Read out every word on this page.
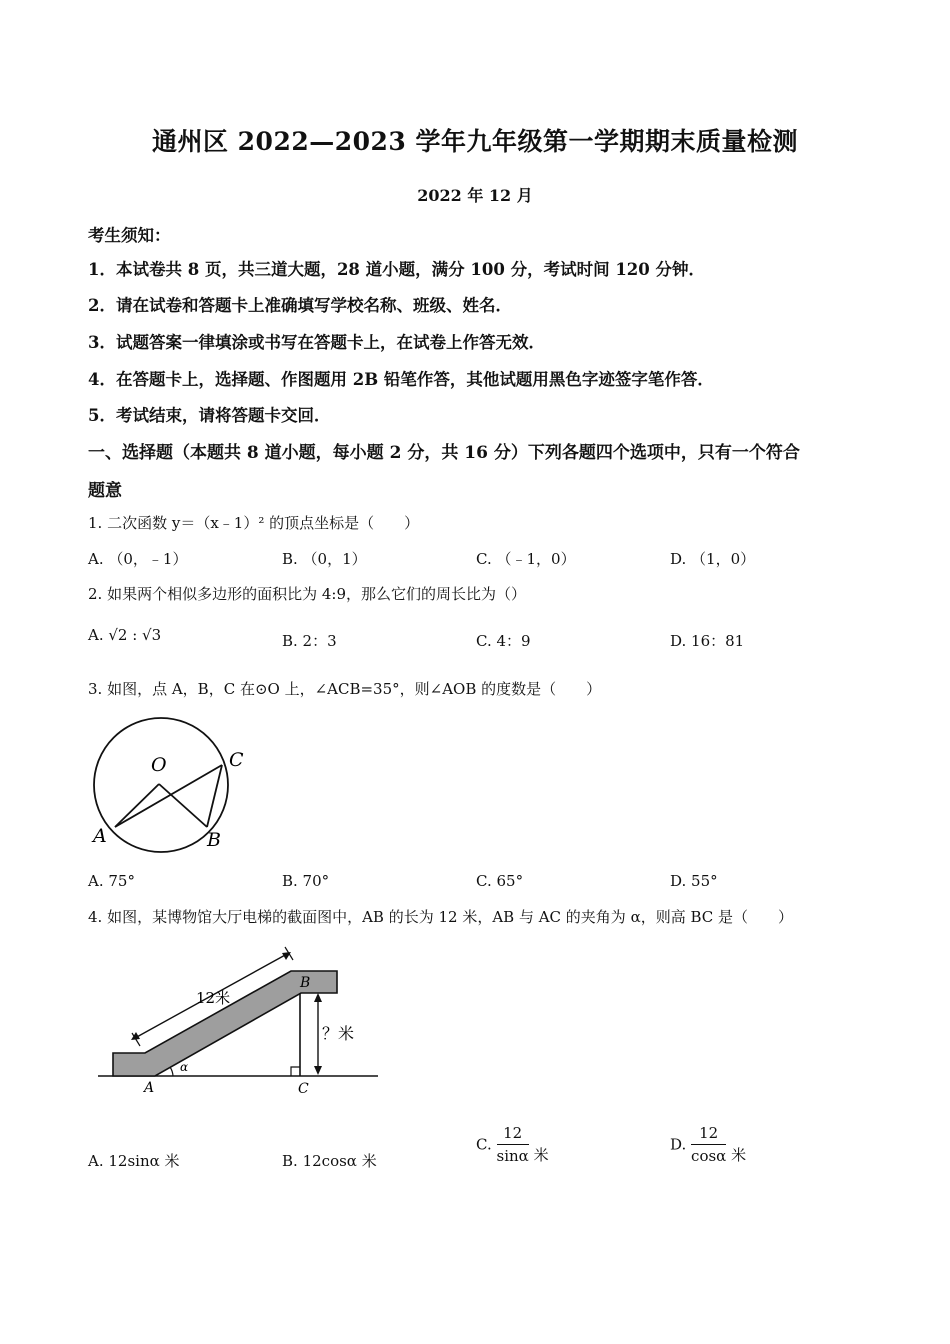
通州区 2022—2023 学年九年级第一学期期末质量检测
2022 年 12 月
考生须知：
1．本试卷共 8 页，共三道大题，28 道小题，满分 100 分，考试时间 120 分钟．
2．请在试卷和答题卡上准确填写学校名称、班级、姓名．
3．试题答案一律填涂或书写在答题卡上，在试卷上作答无效．
4．在答题卡上，选择题、作图题用 2B 铅笔作答，其他试题用黑色字迹签字笔作答．
5．考试结束，请将答题卡交回．
一、选择题（本题共 8 道小题，每小题 2 分，共 16 分）下列各题四个选项中，只有一个符合
题意
1. 二次函数 y＝（x﹣1）² 的顶点坐标是（　　）
A. （0，﹣1）	B. （0，1）	C. （﹣1，0）	D. （1，0）
2. 如果两个相似多边形的面积比为 4:9，那么它们的周长比为（）
A. √2 : √3	B. 2：3	C. 4：9	D. 16：81
3. 如图，点 A，B，C 在⊙O 上，∠ACB=35°，则∠AOB 的度数是（　　）
O	C
A	B
A. 75°	B. 70°	C. 65°	D. 55°
4. 如图，某博物馆大厅电梯的截面图中，AB 的长为 12 米，AB 与 AC 的夹角为 α，则高 BC 是（　　）
12米
？米
α
A
B
C
A. 12sinα 米	B. 12cosα 米
C. $\frac{12}{\sin\alpha}$ 米
D. $\frac{12}{\cos\alpha}$ 米
